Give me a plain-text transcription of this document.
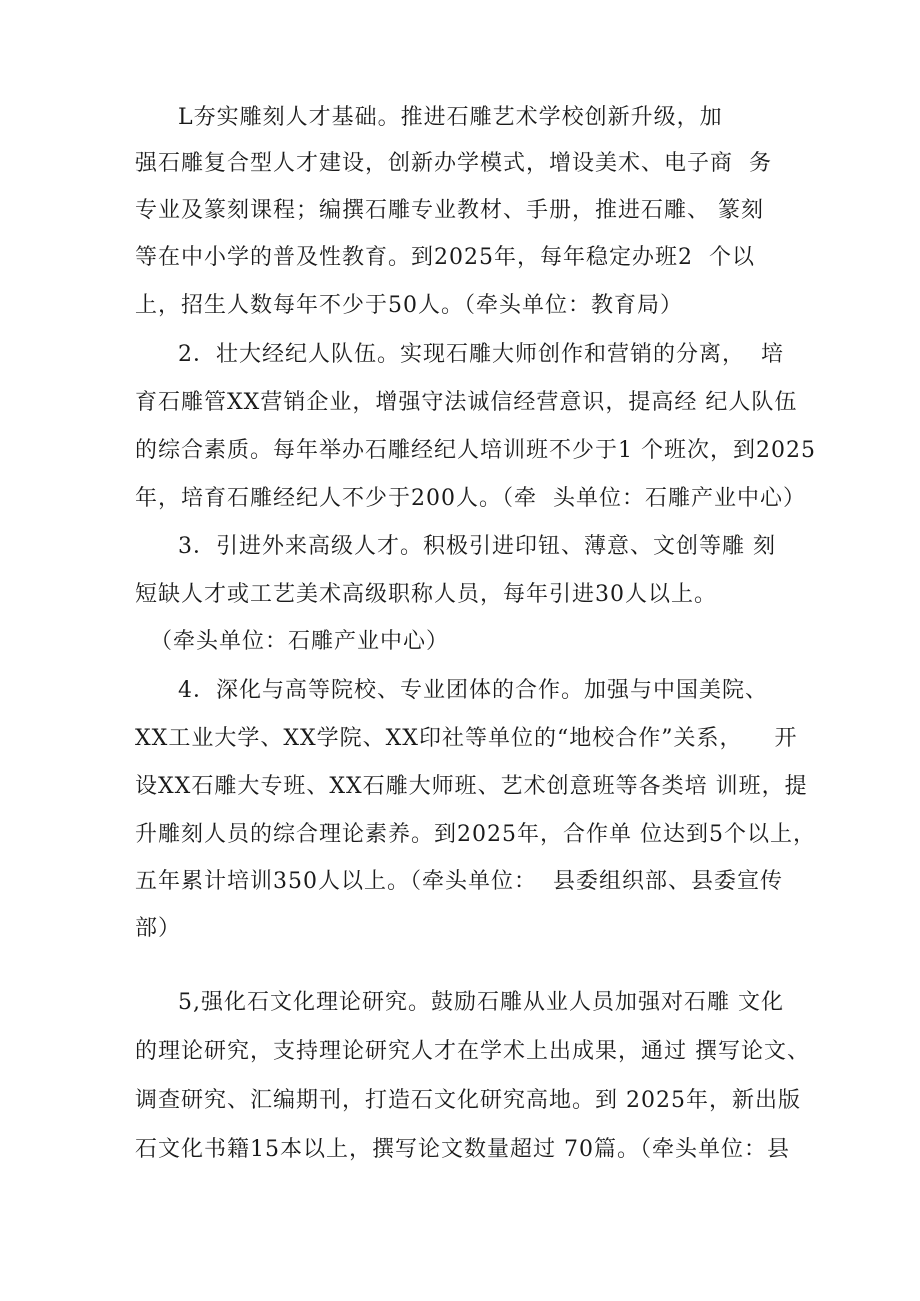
L夯实雕刻人才基础。推进石雕艺术学校创新升级，加
强石雕复合型人才建设，创新办学模式，增设美术、电子商  务
专业及篆刻课程；编撰石雕专业教材、手册，推进石雕、 篆刻
等在中小学的普及性教育。到2025年，每年稳定办班2  个以
上，招生人数每年不少于50人。（牵头单位：教育局）
2．壮大经纪人队伍。实现石雕大师创作和营销的分离，  培
育石雕管XX营销企业，增强守法诚信经营意识，提高经 纪人队伍
的综合素质。每年举办石雕经纪人培训班不少于1 个班次，到2025
年，培育石雕经纪人不少于200人。（牵  头单位：石雕产业中心）
3．引进外来高级人才。积极引进印钮、薄意、文创等雕 刻
短缺人才或工艺美术高级职称人员，每年引进30人以上。
（牵头单位：石雕产业中心）
4．深化与高等院校、专业团体的合作。加强与中国美院、
XX工业大学、XX学院、XX印社等单位的“地校合作”关系，    开
设XX石雕大专班、XX石雕大师班、艺术创意班等各类培 训班，提
升雕刻人员的综合理论素养。到2025年，合作单 位达到5个以上，
五年累计培训350人以上。（牵头单位：  县委组织部、县委宣传
部）
5,强化石文化理论研究。鼓励石雕从业人员加强对石雕 文化
的理论研究，支持理论研究人才在学术上出成果，通过 撰写论文、
调查研究、汇编期刊，打造石文化研究高地。到 2025年，新出版
石文化书籍15本以上，撰写论文数量超过 70篇。（牵头单位：县
